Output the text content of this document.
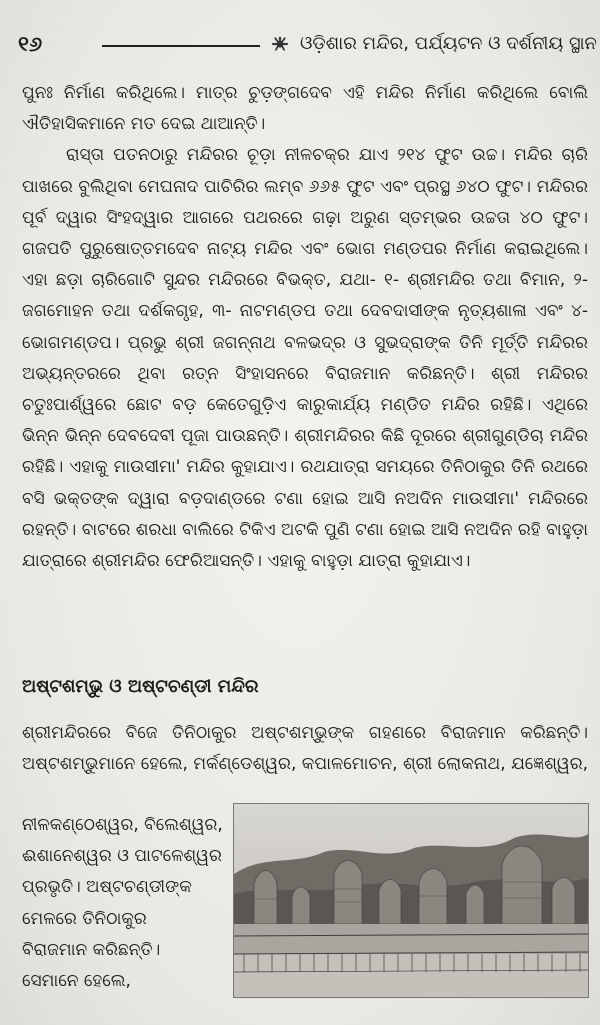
୧୬	ଓଡ଼ିଶାର ମନ୍ଦିର, ପର୍ଯ୍ୟଟନ ଓ ଦର୍ଶନୀୟ ସ୍ଥାନ

ପୁନଃ ନିର୍ମାଣ କରିଥିଲେ। ମାତ୍ର ଚୁଡ଼ଙ୍ଗଦେବ ଏହି ମନ୍ଦିର ନିର୍ମାଣ କରିଥିଲେ ବୋଲି ଐତିହାସିକମାନେ ମତ ଦେଇ ଥାଆନ୍ତି।

ରାସ୍ତା ପତନଠାରୁ ମନ୍ଦିରର ଚୂଡ଼ା ନୀଳଚକ୍ର ଯାଏ ୨୧୪ ଫୁଟ ଉଚ୍ଚ। ମନ୍ଦିର ଚାରି ପାଖରେ ବୁଲିଥିବା ମେଘନାଦ ପାଚିରିର ଲମ୍ବ ୬୬୫ ଫୁଟ ଏବଂ ପ୍ରସ୍ଥ ୬୪୦ ଫୁଟ। ମନ୍ଦିରର ପୂର୍ବ ଦ୍ୱାର ସିଂହଦ୍ୱାର ଆଗରେ ପଥରରେ ଗଢ଼ା ଅରୁଣ ସ୍ତମ୍ଭର ଉଚ୍ଚତା ୪୦ ଫୁଟ। ଗଜପତି ପୁରୁଷୋତ୍ତମଦେବ ନାଟ୍ୟ ମନ୍ଦିର ଏବଂ ଭୋଗ ମଣ୍ଡପର ନିର୍ମାଣ କରାଇଥିଲେ। ଏହା ଛଡ଼ା ଚାରିଗୋଟି ସୁନ୍ଦର ମନ୍ଦିରରେ ବିଭକ୍ତ, ଯଥା- ୧- ଶ୍ରୀମନ୍ଦିର ତଥା ବିମାନ, ୨- ଜଗମୋହନ ତଥା ଦର୍ଶକଗୃହ, ୩- ନାଟମଣ୍ଡପ ତଥା ଦେବଦାସୀଙ୍କ ନୃତ୍ୟଶାଳା ଏବଂ ୪- ଭୋଗମଣ୍ଡପ। ପ୍ରଭୁ ଶ୍ରୀ ଜଗନ୍ନାଥ ବଳଭଦ୍ର ଓ ସୁଭଦ୍ରାଙ୍କ ତିନି ମୂର୍ତ୍ତି ମନ୍ଦିରର ଅଭ୍ୟନ୍ତରରେ ଥିବା ରତ୍ନ ସିଂହାସନରେ ବିରାଜମାନ କରିଛନ୍ତି। ଶ୍ରୀ ମନ୍ଦିରର ଚତୁଃପାର୍ଶ୍ୱରେ ଛୋଟ ବଡ଼ କେତେଗୁଡ଼ିଏ କାରୁକାର୍ଯ୍ୟ ମଣ୍ଡିତ ମନ୍ଦିର ରହିଛି। ଏଥିରେ ଭିନ୍ନ ଭିନ୍ନ ଦେବଦେବୀ ପୂଜା ପାଉଛନ୍ତି। ଶ୍ରୀମନ୍ଦିରର କିଛି ଦୂରରେ ଶ୍ରୀଗୁଣ୍ଡିଚା ମନ୍ଦିର ରହିଛି। ଏହାକୁ ମାଉସୀମା' ମନ୍ଦିର କୁହାଯାଏ। ରଥଯାତ୍ରା ସମୟରେ ତିନିଠାକୁର ତିନି ରଥରେ ବସି ଭକ୍ତଙ୍କ ଦ୍ୱାରା ବଡ଼ଦାଣ୍ଡରେ ଟଣା ହୋଇ ଆସି ନଅଦିନ ମାଉସୀମା' ମନ୍ଦିରରେ ରହନ୍ତି। ବାଟରେ ଶରଧା ବାଲିରେ ଟିକିଏ ଅଟକି ପୁଣି ଟଣା ହୋଇ ଆସି ନଅଦିନ ରହି ବାହୁଡ଼ା ଯାତ୍ରାରେ ଶ୍ରୀମନ୍ଦିର ଫେରିଆସନ୍ତି। ଏହାକୁ ବାହୁଡ଼ା ଯାତ୍ରା କୁହାଯାଏ।

ଅଷ୍ଟଶମ୍ଭୁ ଓ ଅଷ୍ଟଚଣ୍ଡୀ ମନ୍ଦିର

ଶ୍ରୀମନ୍ଦିରରେ ବିଜେ ତିନିଠାକୁର ଅଷ୍ଟଶମ୍ଭୁଙ୍କ ଗହଣରେ ବିରାଜମାନ କରିଛନ୍ତି। ଅଷ୍ଟଶମ୍ଭୁମାନେ ହେଲେ, ମର୍କଣ୍ଡେଶ୍ୱର, କପାଳମୋଚନ, ଶ୍ରୀ ଲୋକନାଥ, ଯଜ୍ଞେଶ୍ୱର,

ନୀଳକଣ୍ଠେଶ୍ୱର, ବିଲେଶ୍ୱର,
ଈଶାନେଶ୍ୱର ଓ ପାଟଳେଶ୍ୱର
ପ୍ରଭୃତି। ଅଷ୍ଟଚଣ୍ଡୀଙ୍କ
ମେଳରେ ତିନିଠାକୁର
ବିରାଜମାନ କରିଛନ୍ତି।
ସେମାନେ ହେଲେ,
